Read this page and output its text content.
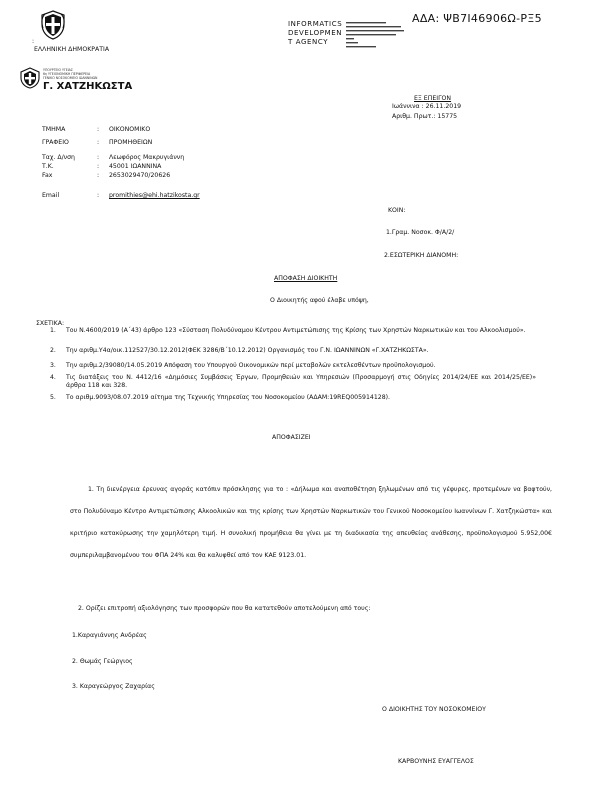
:
ΕΛΛΗΝΙΚΗ ΔΗΜΟΚΡΑΤΙΑ
ΥΠΟΥΡΓΕΙΟ ΥΓΕΙΑΣ
6η ΥΓΕΙΟΝΟΜΙΚΗ ΠΕΡΙΦΕΡΕΙΑ
ΓΕΝΙΚΟ ΝΟΣΟΚΟΜΕΙΟ ΙΩΑΝΝΙΝΩΝ
Γ. ΧΑΤΖΗΚΩΣΤΑ
INFORMATICS
DEVELOPMEN
T AGENCY
ΑΔΑ: ΨΒ7Ι46906Ω-ΡΞ5
ΕΞ ΕΠΕΙΓΟΝ
Ιωάννινα : 26.11.2019
Αριθμ. Πρωτ.: 15775
ΤΜΗΜΑ	: ΟΙΚΟΝΟΜΙΚΟ
ΓΡΑΦΕΙΟ	: ΠΡΟΜΗΘΕΙΩΝ
Ταχ. Δ/νση	: Λεωφόρος Μακρυγιάννη
Τ.Κ.	: 45001 ΙΩΑΝΝΙΝΑ
Fax	: 2653029470/20626
Email	: promithies@ehi.hatzikosta.gr
ΚΟΙΝ:
1.Γραμ. Νοσοκ. Φ/Α/2/
2.ΕΣΩΤΕΡΙΚΗ ΔΙΑΝΟΜΗ:
ΑΠΟΦΑΣΗ ΔΙΟΙΚΗΤΗ
Ο Διοικητής αφού έλαβε υπόψη,
ΣΧΕΤΙΚΑ:
1. Του Ν.4600/2019 (Α΄43) άρθρο 123 «Σύσταση Πολυδύναμου Κέντρου Αντιμετώπισης της Κρίσης των Χρηστών Ναρκωτικών και του Αλκοολισμού».
2. Την αριθμ.Υ4α/οικ.112527/30.12.2012(ΦΕΚ 3286/Β΄10.12.2012) Οργανισμός του Γ.Ν. ΙΩΑΝΝΙΝΩΝ «Γ.ΧΑΤΖΗΚΩΣΤΑ».
3. Την αριθμ.2/39080/14.05.2019 Απόφαση του Υπουργού Οικονομικών περί μεταβολών εκτελεσθέντων προϋπολογισμού.
4. Τις διατάξεις του Ν. 4412/16 «Δημόσιες Συμβάσεις Έργων, Προμηθειών και Υπηρεσιών (Προσαρμογή στις Οδηγίες 2014/24/ΕΕ και 2014/25/ΕΕ)» άρθρα 118 και 328.
5. Το αριθμ.9093/08.07.2019 αίτημα της Τεχνικής Υπηρεσίας του Νοσοκομείου (ΑΔΑΜ:19REQ005914128).
ΑΠΟΦΑΣΙΖΕΙ
1. Τη διενέργεια έρευνας αγοράς κατόπιν πρόσκλησης για το : «Δήλωμα και αναποθέτηση ξηλωμένων από τις γέφυρες, προτεμένων να βαφτούν, στο Πολυδύναμο Κέντρο Αντιμετώπισης Αλκοολικών και της κρίσης των Χρηστών Ναρκωτικών του Γενικού Νοσοκομείου Ιωαννίνων Γ. Χατζηκώστα» και κριτήριο κατακύρωσης την χαμηλότερη τιμή. Η συνολική προμήθεια θα γίνει με τη διαδικασία της απευθείας ανάθεσης, προϋπολογισμού 5.952,00€ συμπεριλαμβανομένου του ΦΠΑ 24% και θα καλυφθεί από τον ΚΑΕ 9123.01.
2. Ορίζει επιτροπή αξιολόγησης των προσφορών που θα κατατεθούν αποτελούμενη από τους:
1.Καραγιάννης Ανδρέας
2. Θωμάς Γεώργιος
3. Καραγεώργος Ζαχαρίας
Ο ΔΙΟΙΚΗΤΗΣ ΤΟΥ ΝΟΣΟΚΟΜΕΙΟΥ
ΚΑΡΒΟΥΝΗΣ ΕΥΑΓΓΕΛΟΣ
